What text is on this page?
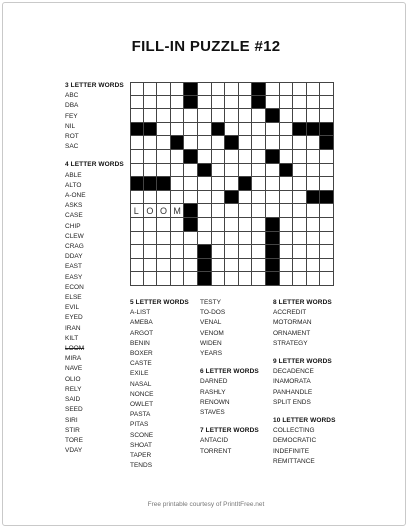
FILL-IN PUZZLE #12
3 LETTER WORDS
ABC
DBA
FEY
NIL
ROT
SAC
4 LETTER WORDS
ABLE
ALTO
A-ONE
ASKS
CASE
CHIP
CLEW
CRAG
DDAY
EAST
EASY
ECON
ELSE
EVIL
EYED
IRAN
KILT
LOOM
MIRA
NAVE
OLIO
RELY
SAID
SEED
SIRI
STIR
TORE
VDAY
L O O M
5 LETTER WORDS
A-LIST
AMEBA
ARGOT
BENIN
BOXER
CASTE
EXILE
NASAL
NONCE
OWLET
PASTA
PITAS
SCONE
SHOAT
TAPER
TENDS
TESTY
TO-DOS
VENAL
VENOM
WIDEN
YEARS
6 LETTER WORDS
DARNED
RASHLY
RENOWN
STAVES
7 LETTER WORDS
ANTACID
TORRENT
8 LETTER WORDS
ACCREDIT
MOTORMAN
ORNAMENT
STRATEGY
9 LETTER WORDS
DECADENCE
INAMORATA
PANHANDLE
SPLIT ENDS
10 LETTER WORDS
COLLECTING
DEMOCRATIC
INDEFINITE
REMITTANCE
Free printable courtesy of PrintItFree.net
